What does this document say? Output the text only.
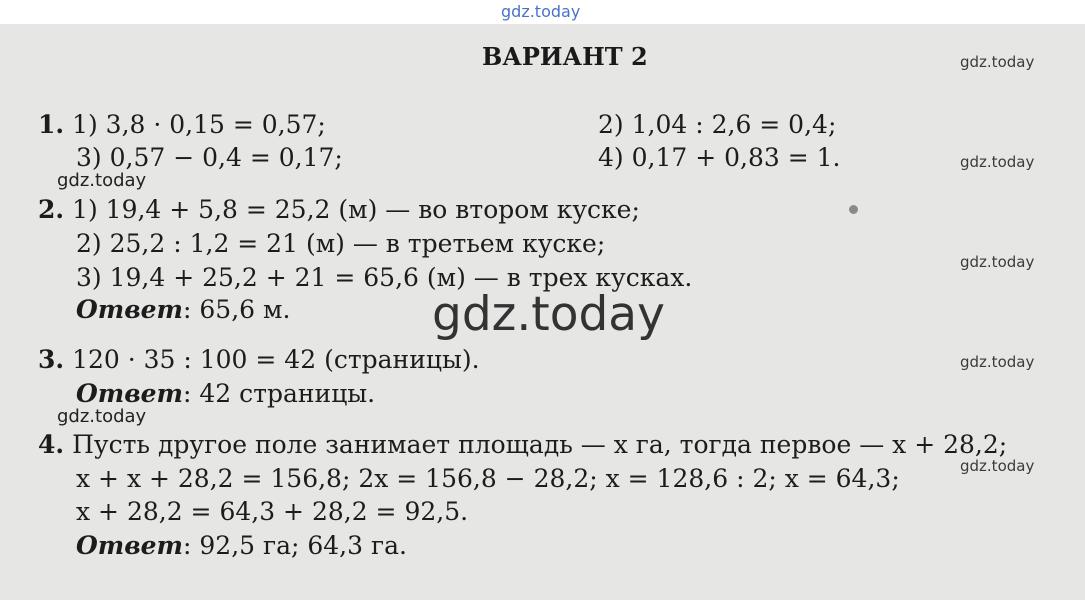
gdz.today
ВАРИАНТ 2
1. 1) 3,8 · 0,15 = 0,57;	2) 1,04 : 2,6 = 0,4;
3) 0,57 − 0,4 = 0,17;	4) 0,17 + 0,83 = 1.
2. 1) 19,4 + 5,8 = 25,2 (м) — во втором куске;
2) 25,2 : 1,2 = 21 (м) — в третьем куске;
3) 19,4 + 25,2 + 21 = 65,6 (м) — в трех кусках.
Ответ: 65,6 м.
3. 120 · 35 : 100 = 42 (страницы).
Ответ: 42 страницы.
4. Пусть другое поле занимает площадь — x га, тогда первое — x + 28,2;
x + x + 28,2 = 156,8; 2x = 156,8 − 28,2; x = 128,6 : 2; x = 64,3;
x + 28,2 = 64,3 + 28,2 = 92,5.
Ответ: 92,5 га; 64,3 га.
gdz.today
gdz.today
gdz.today
gdz.today
gdz.today
gdz.today
gdz.today
gdz.today
